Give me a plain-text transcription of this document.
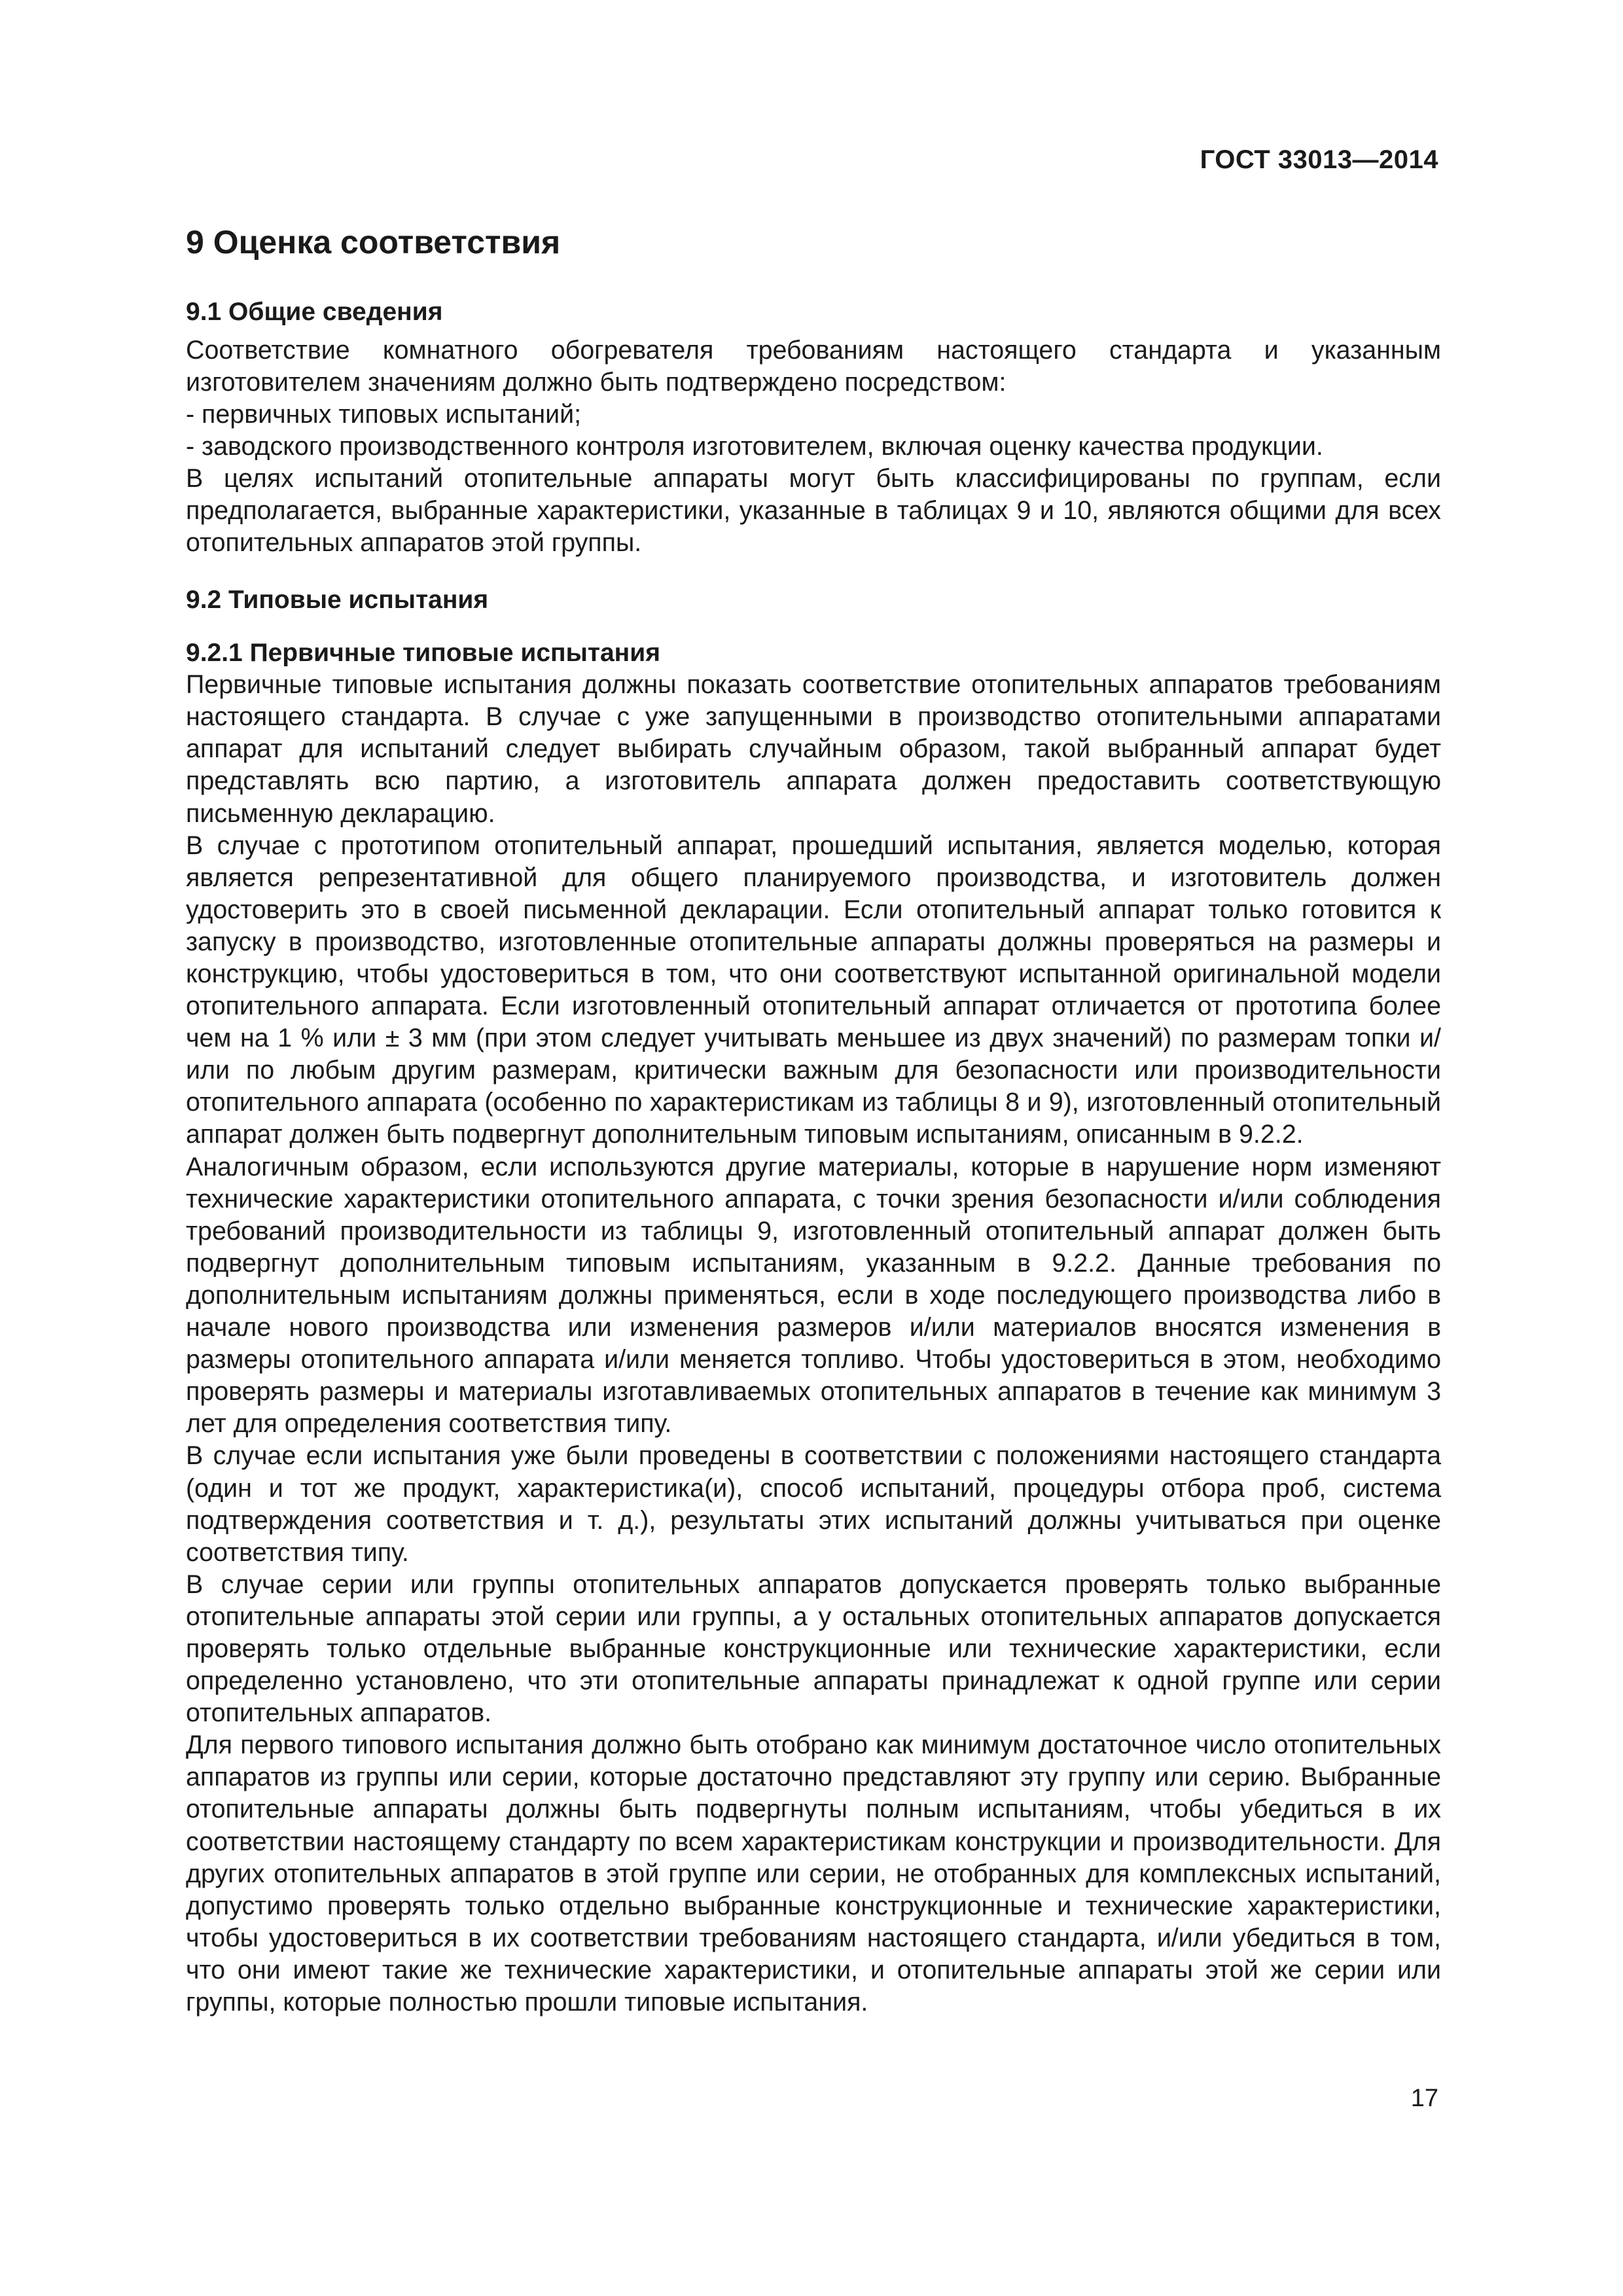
ГОСТ 33013—2014
9 Оценка соответствия
9.1 Общие сведения

Соответствие комнатного обогревателя требованиям настоящего стандарта и указанным изготовителем значениям должно быть подтверждено посредством:

- первичных типовых испытаний;
- заводского производственного контроля изготовителем, включая оценку качества продукции.

В целях испытаний отопительные аппараты могут быть классифицированы по группам, если предполагается, выбранные характеристики, указанные в таблицах 9 и 10, являются общими для всех отопительных аппаратов этой группы.

9.2 Типовые испытания
9.2.1 Первичные типовые испытания

Первичные типовые испытания должны показать соответствие отопительных аппаратов требованиям настоящего стандарта. В случае с уже запущенными в производство отопительными аппаратами аппарат для испытаний следует выбирать случайным образом, такой выбранный аппарат будет представлять всю партию, а изготовитель аппарата должен предоставить соответствующую письменную декларацию.

В случае с прототипом отопительный аппарат, прошедший испытания, является моделью, которая является репрезентативной для общего планируемого производства, и изготовитель должен удостоверить это в своей письменной декларации. Если отопительный аппарат только готовится к запуску в производство, изготовленные отопительные аппараты должны проверяться на размеры и конструкцию, чтобы удостовериться в том, что они соответствуют испытанной оригинальной модели отопительного аппарата. Если изготовленный отопительный аппарат отличается от прототипа более чем на 1 % или ± 3 мм (при этом следует учитывать меньшее из двух значений) по размерам топки и/или по любым другим размерам, критически важным для безопасности или производительности отопительного аппарата (особенно по характеристикам из таблицы 8 и 9), изготовленный отопительный аппарат должен быть подвергнут дополнительным типовым испытаниям, описанным в 9.2.2.

Аналогичным образом, если используются другие материалы, которые в нарушение норм изменяют технические характеристики отопительного аппарата, с точки зрения безопасности и/или соблюдения требований производительности из таблицы 9, изготовленный отопительный аппарат должен быть подвергнут дополнительным типовым испытаниям, указанным в 9.2.2. Данные требования по дополнительным испытаниям должны применяться, если в ходе последующего производства либо в начале нового производства или изменения размеров и/или материалов вносятся изменения в размеры отопительного аппарата и/или меняется топливо. Чтобы удостовериться в этом, необходимо проверять размеры и материалы изготавливаемых отопительных аппаратов в течение как минимум 3 лет для определения соответствия типу.

В случае если испытания уже были проведены в соответствии с положениями настоящего стандарта (один и тот же продукт, характеристика(и), способ испытаний, процедуры отбора проб, система подтверждения соответствия и т. д.), результаты этих испытаний должны учитываться при оценке соответствия типу.

В случае серии или группы отопительных аппаратов допускается проверять только выбранные отопительные аппараты этой серии или группы, а у остальных отопительных аппаратов допускается проверять только отдельные выбранные конструкционные или технические характеристики, если определенно установлено, что эти отопительные аппараты принадлежат к одной группе или серии отопительных аппаратов.

Для первого типового испытания должно быть отобрано как минимум достаточное число отопительных аппаратов из группы или серии, которые достаточно представляют эту группу или серию. Выбранные отопительные аппараты должны быть подвергнуты полным испытаниям, чтобы убедиться в их соответствии настоящему стандарту по всем характеристикам конструкции и производительности. Для других отопительных аппаратов в этой группе или серии, не отобранных для комплексных испытаний, допустимо проверять только отдельно выбранные конструкционные и технические характеристики, чтобы удостовериться в их соответствии требованиям настоящего стандарта, и/или убедиться в том, что они имеют такие же технические характеристики, и отопительные аппараты этой же серии или группы, которые полностью прошли типовые испытания.

17
